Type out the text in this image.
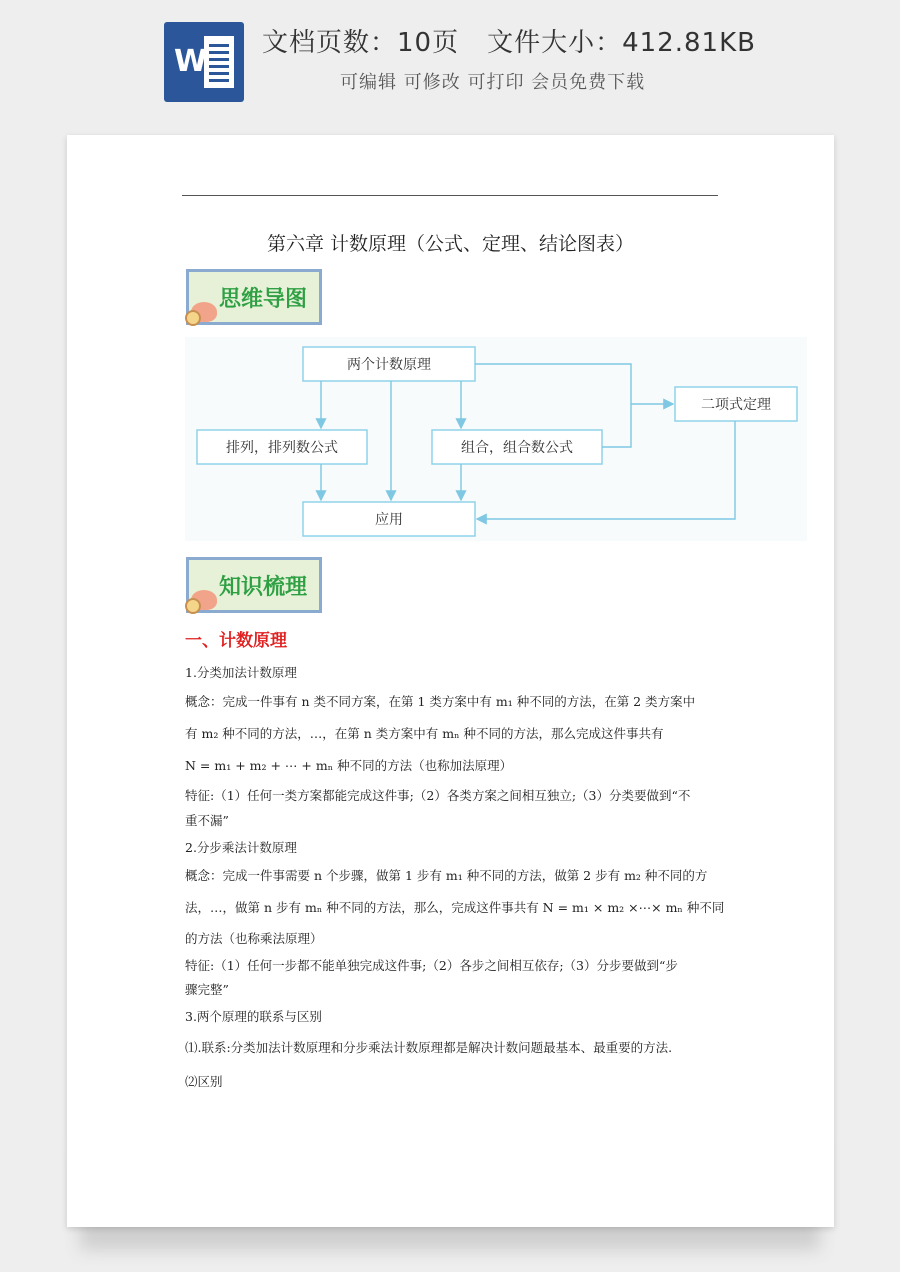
W
文档页数：10页 文件大小：412.81KB
可编辑 可修改 可打印 会员免费下载
第六章 计数原理（公式、定理、结论图表）
思维导图
两个计数原理
排列，排列数公式	组合，组合数公式
二项式定理
应用
知识梳理
一、计数原理
1.分类加法计数原理
概念：完成一件事有 n 类不同方案，在第 1 类方案中有 m₁ 种不同的方法，在第 2 类方案中
有 m₂ 种不同的方法，…，在第 n 类方案中有 mₙ 种不同的方法，那么完成这件事共有
N = m₁ + m₂ + ⋯ + mₙ 种不同的方法（也称加法原理）
特征:（1）任何一类方案都能完成这件事;（2）各类方案之间相互独立;（3）分类要做到“不
重不漏”
2.分步乘法计数原理
概念：完成一件事需要 n 个步骤，做第 1 步有 m₁ 种不同的方法，做第 2 步有 m₂ 种不同的方
法，…，做第 n 步有 mₙ 种不同的方法，那么，完成这件事共有 N = m₁ × m₂ ×⋯× mₙ 种不同
的方法（也称乘法原理）
特征:（1）任何一步都不能单独完成这件事;（2）各步之间相互依存;（3）分步要做到“步
骤完整”
3.两个原理的联系与区别
⑴.联系:分类加法计数原理和分步乘法计数原理都是解决计数问题最基本、最重要的方法.
⑵区别
